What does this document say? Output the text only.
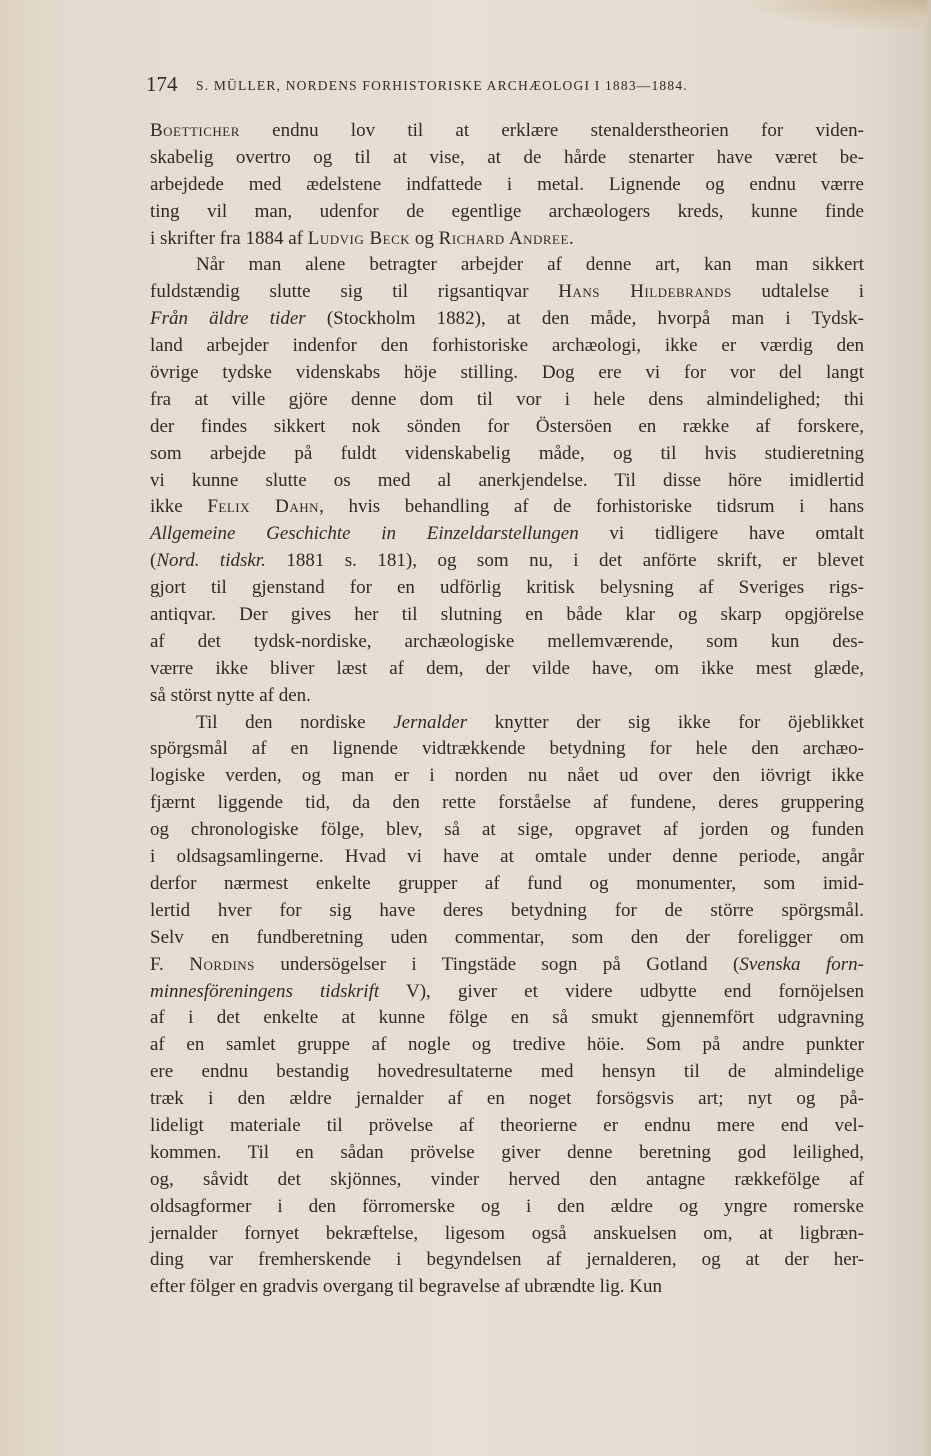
174 S. MÜLLER, NORDENS FORHISTORISKE ARCHÆOLOGI I 1883—1884.
Boetticher endnu lov til at erklære stenalderstheorien for viden-
skabelig overtro og til at vise, at de hårde stenarter have været be-
arbejdede med ædelstene indfattede i metal. Lignende og endnu værre
ting vil man, udenfor de egentlige archæologers kreds, kunne finde
i skrifter fra 1884 af Ludvig Beck og Richard Andree.
Når man alene betragter arbejder af denne art, kan man sikkert
fuldstændig slutte sig til rigsantiqvar Hans Hildebrands udtalelse i
Från äldre tider (Stockholm 1882), at den måde, hvorpå man i Tydsk-
land arbejder indenfor den forhistoriske archæologi, ikke er værdig den
övrige tydske videnskabs höje stilling. Dog ere vi for vor del langt
fra at ville gjöre denne dom til vor i hele dens almindelighed; thi
der findes sikkert nok sönden for Östersöen en række af forskere,
som arbejde på fuldt videnskabelig måde, og til hvis studieretning
vi kunne slutte os med al anerkjendelse. Til disse höre imidlertid
ikke Felix Dahn, hvis behandling af de forhistoriske tidsrum i hans
Allgemeine Geschichte in Einzeldarstellungen vi tidligere have omtalt
(Nord. tidskr. 1881 s. 181), og som nu, i det anförte skrift, er blevet
gjort til gjenstand for en udförlig kritisk belysning af Sveriges rigs-
antiqvar. Der gives her til slutning en både klar og skarp opgjörelse
af det tydsk-nordiske, archæologiske mellemværende, som kun des-
værre ikke bliver læst af dem, der vilde have, om ikke mest glæde,
så störst nytte af den.
Til den nordiske Jernalder knytter der sig ikke for öjeblikket
spörgsmål af en lignende vidtrækkende betydning for hele den archæo-
logiske verden, og man er i norden nu nået ud over den iövrigt ikke
fjærnt liggende tid, da den rette forståelse af fundene, deres gruppering
og chronologiske fölge, blev, så at sige, opgravet af jorden og funden
i oldsagsamlingerne. Hvad vi have at omtale under denne periode, angår
derfor nærmest enkelte grupper af fund og monumenter, som imid-
lertid hver for sig have deres betydning for de större spörgsmål.
Selv en fundberetning uden commentar, som den der foreligger om
F. Nordins undersögelser i Tingstäde sogn på Gotland (Svenska forn-
minnesföreningens tidskrift V), giver et videre udbytte end fornöjelsen
af i det enkelte at kunne fölge en så smukt gjennemfört udgravning
af en samlet gruppe af nogle og tredive höie. Som på andre punkter
ere endnu bestandig hovedresultaterne med hensyn til de almindelige
træk i den ældre jernalder af en noget forsögsvis art; nyt og på-
lideligt materiale til prövelse af theorierne er endnu mere end vel-
kommen. Til en sådan prövelse giver denne beretning god leilighed,
og, såvidt det skjönnes, vinder herved den antagne rækkefölge af
oldsagformer i den förromerske og i den ældre og yngre romerske
jernalder fornyet bekræftelse, ligesom også anskuelsen om, at ligbræn-
ding var fremherskende i begyndelsen af jernalderen, og at der her-
efter fölger en gradvis overgang til begravelse af ubrændte lig. Kun
